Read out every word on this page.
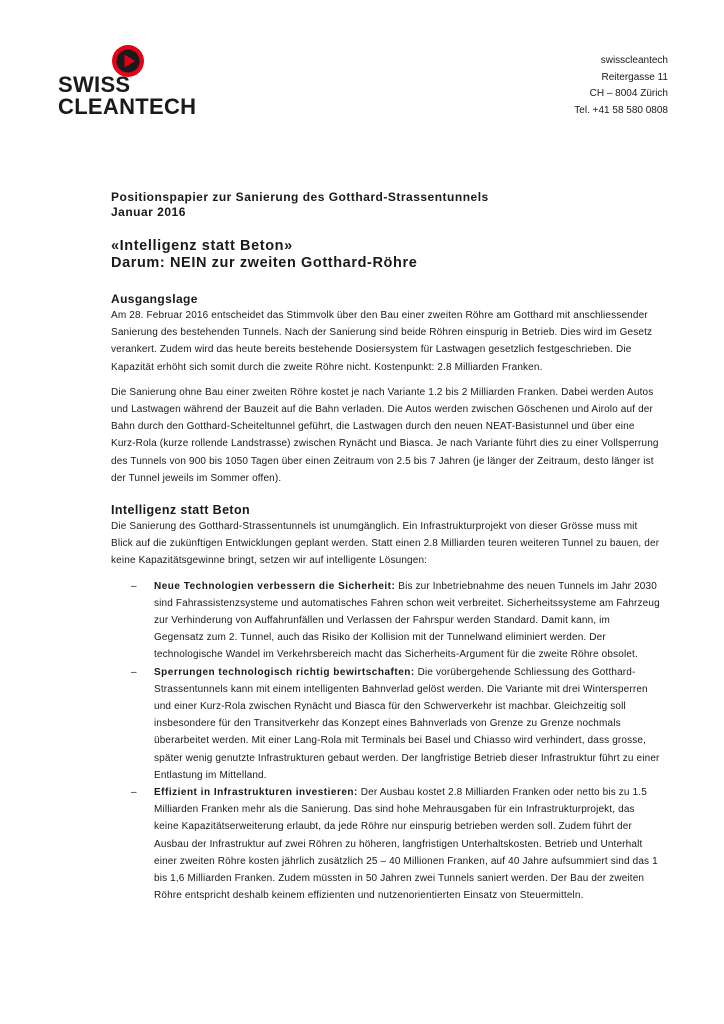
SWISS
CLEANTECH
swisscleantech
Reitergasse 11
CH – 8004 Zürich
Tel. +41 58 580 0808
Positionspapier zur Sanierung des Gotthard-Strassentunnels
Januar 2016
«Intelligenz statt Beton»
Darum: NEIN zur zweiten Gotthard-Röhre
Ausgangslage

Am 28. Februar 2016 entscheidet das Stimmvolk über den Bau einer zweiten Röhre am Gotthard mit anschliessender Sanierung des bestehenden Tunnels. Nach der Sanierung sind beide Röhren einspurig in Betrieb. Dies wird im Gesetz verankert. Zudem wird das heute bereits bestehende Dosiersystem für Lastwagen gesetzlich festgeschrieben. Die Kapazität erhöht sich somit durch die zweite Röhre nicht. Kostenpunkt: 2.8 Milliarden Franken.

Die Sanierung ohne Bau einer zweiten Röhre kostet je nach Variante 1.2 bis 2 Milliarden Franken. Dabei werden Autos und Lastwagen während der Bauzeit auf die Bahn verladen. Die Autos werden zwischen Göschenen und Airolo auf der Bahn durch den Gotthard-Scheiteltunnel geführt, die Lastwagen durch den neuen NEAT-Basistunnel und über eine Kurz-Rola (kurze rollende Landstrasse) zwischen Rynächt und Biasca. Je nach Variante führt dies zu einer Vollsperrung des Tunnels von 900 bis 1050 Tagen über einen Zeitraum von 2.5 bis 7 Jahren (je länger der Zeitraum, desto länger ist der Tunnel jeweils im Sommer offen).

Intelligenz statt Beton

Die Sanierung des Gotthard-Strassentunnels ist unumgänglich. Ein Infrastrukturprojekt von dieser Grösse muss mit Blick auf die zukünftigen Entwicklungen geplant werden. Statt einen 2.8 Milliarden teuren weiteren Tunnel zu bauen, der keine Kapazitätsgewinne bringt, setzen wir auf intelligente Lösungen:

– Neue Technologien verbessern die Sicherheit: Bis zur Inbetriebnahme des neuen Tunnels im Jahr 2030 sind Fahrassistenzsysteme und automatisches Fahren schon weit verbreitet. Sicherheitssysteme am Fahrzeug zur Verhinderung von Auffahrunfällen und Verlassen der Fahrspur werden Standard. Damit kann, im Gegensatz zum 2. Tunnel, auch das Risiko der Kollision mit der Tunnelwand eliminiert werden. Der technologische Wandel im Verkehrsbereich macht das Sicherheits-Argument für die zweite Röhre obsolet.
– Sperrungen technologisch richtig bewirtschaften: Die vorübergehende Schliessung des Gotthard-Strassentunnels kann mit einem intelligenten Bahnverlad gelöst werden. Die Variante mit drei Wintersperren und einer Kurz-Rola zwischen Rynächt und Biasca für den Schwerverkehr ist machbar. Gleichzeitig soll insbesondere für den Transitverkehr das Konzept eines Bahnverlads von Grenze zu Grenze nochmals überarbeitet werden. Mit einer Lang-Rola mit Terminals bei Basel und Chiasso wird verhindert, dass grosse, später wenig genutzte Infrastrukturen gebaut werden. Der langfristige Betrieb dieser Infrastruktur führt zu einer Entlastung im Mittelland.
– Effizient in Infrastrukturen investieren: Der Ausbau kostet 2.8 Milliarden Franken oder netto bis zu 1.5 Milliarden Franken mehr als die Sanierung. Das sind hohe Mehrausgaben für ein Infrastrukturprojekt, das keine Kapazitätserweiterung erlaubt, da jede Röhre nur einspurig betrieben werden soll. Zudem führt der Ausbau der Infrastruktur auf zwei Röhren zu höheren, langfristigen Unterhaltskosten. Betrieb und Unterhalt einer zweiten Röhre kosten jährlich zusätzlich 25 – 40 Millionen Franken, auf 40 Jahre aufsummiert sind das 1 bis 1,6 Milliarden Franken. Zudem müssten in 50 Jahren zwei Tunnels saniert werden. Der Bau der zweiten Röhre entspricht deshalb keinem effizienten und nutzenorientierten Einsatz von Steuermitteln.
